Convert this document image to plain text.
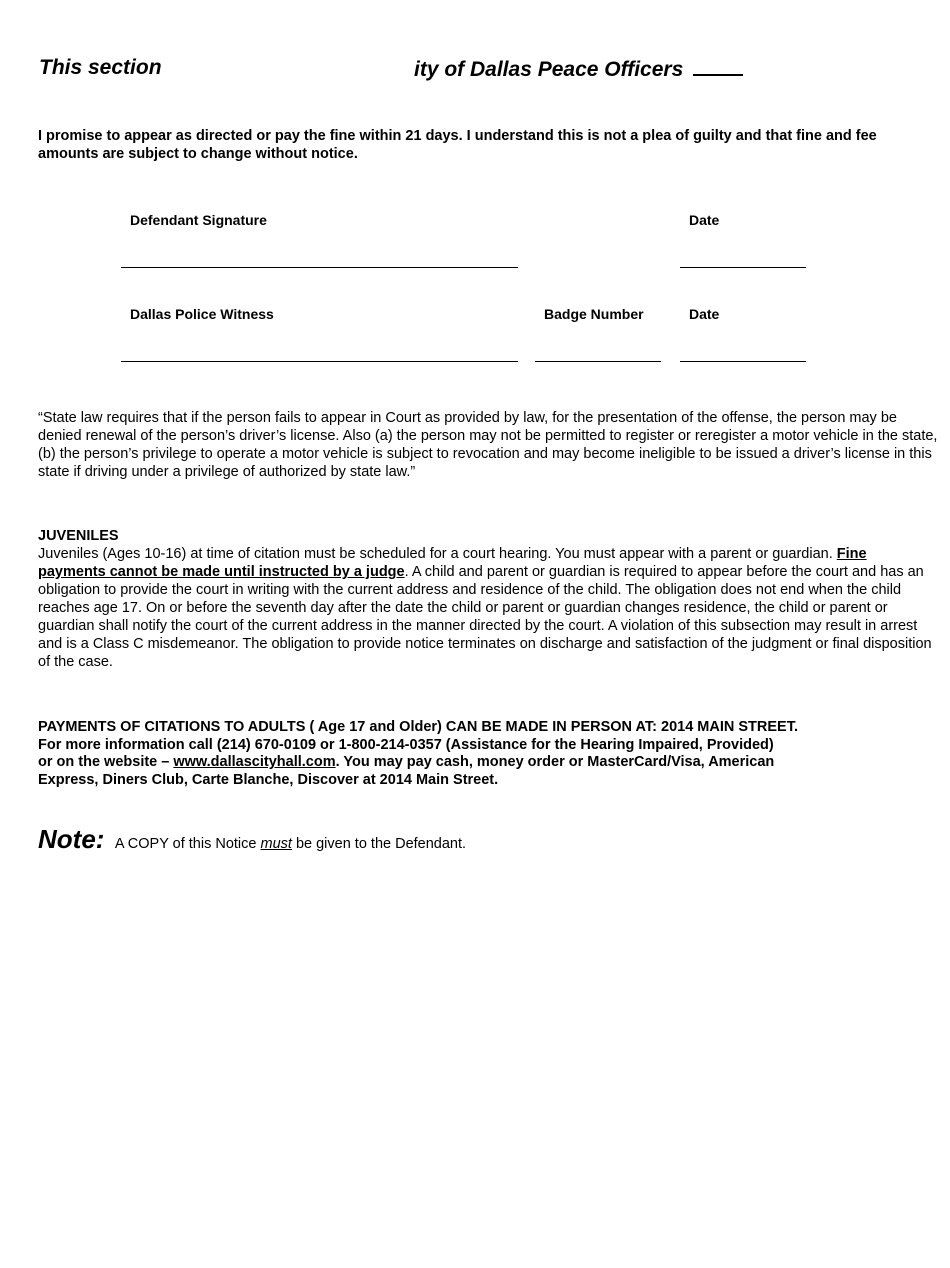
This section	ity of Dallas Peace Officers
I promise to appear as directed or pay the fine within 21 days. I understand this is not a plea of guilty and that fine and fee amounts are subject to change without notice.
Defendant Signature	Date
Dallas Police Witness	Badge Number	Date
“State law requires that if the person fails to appear in Court as provided by law, for the presentation of the offense, the person may be denied renewal of the person’s driver’s license. Also (a) the person may not be permitted to register or reregister a motor vehicle in the state, (b) the person’s privilege to operate a motor vehicle is subject to revocation and may become ineligible to be issued a driver’s license in this state if driving under a privilege of authorized by state law.”
JUVENILES
Juveniles (Ages 10-16) at time of citation must be scheduled for a court hearing. You must appear with a parent or guardian. Fine payments cannot be made until instructed by a judge. A child and parent or guardian is required to appear before the court and has an obligation to provide the court in writing with the current address and residence of the child. The obligation does not end when the child reaches age 17. On or before the seventh day after the date the child or parent or guardian changes residence, the child or parent or guardian shall notify the court of the current address in the manner directed by the court. A violation of this subsection may result in arrest and is a Class C misdemeanor. The obligation to provide notice terminates on discharge and satisfaction of the judgment or final disposition of the case.
PAYMENTS OF CITATIONS TO ADULTS ( Age 17 and Older) CAN BE MADE IN PERSON AT: 2014 MAIN STREET.
For more information call (214) 670-0109 or 1-800-214-0357 (Assistance for the Hearing Impaired, Provided)
or on the website – www.dallascityhall.com. You may pay cash, money order or MasterCard/Visa, American
Express, Diners Club, Carte Blanche, Discover at 2014 Main Street.
Note: A COPY of this Notice must be given to the Defendant.
